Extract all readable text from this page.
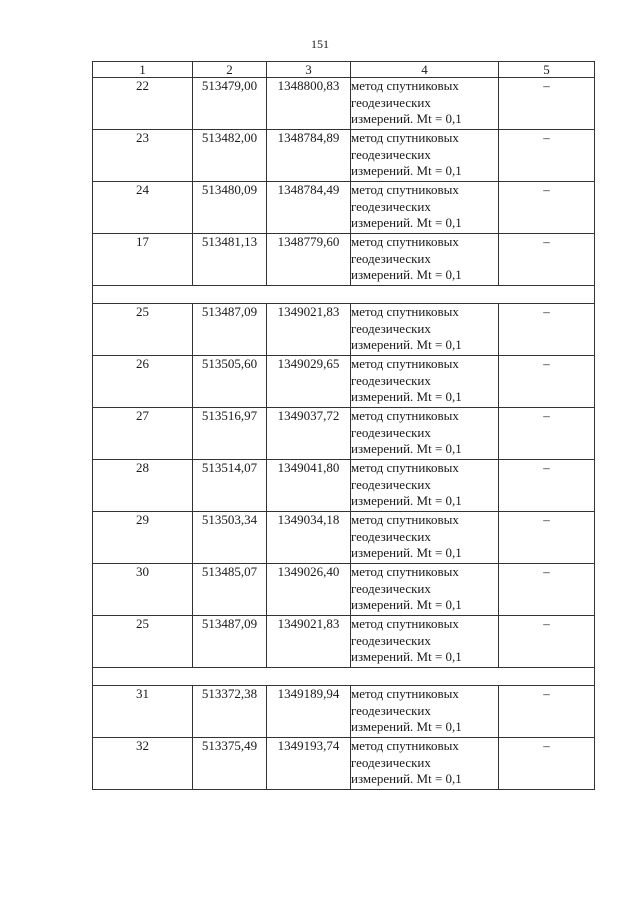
151
1	2	3	4	5
22	513479,00	1348800,83	метод спутниковых
геодезических
измерений. Mt = 0,1	–
23	513482,00	1348784,89	метод спутниковых
геодезических
измерений. Mt = 0,1	–
24	513480,09	1348784,49	метод спутниковых
геодезических
измерений. Mt = 0,1	–
17	513481,13	1348779,60	метод спутниковых
геодезических
измерений. Mt = 0,1	–

25	513487,09	1349021,83	метод спутниковых
геодезических
измерений. Mt = 0,1	–
26	513505,60	1349029,65	метод спутниковых
геодезических
измерений. Mt = 0,1	–
27	513516,97	1349037,72	метод спутниковых
геодезических
измерений. Mt = 0,1	–
28	513514,07	1349041,80	метод спутниковых
геодезических
измерений. Mt = 0,1	–
29	513503,34	1349034,18	метод спутниковых
геодезических
измерений. Mt = 0,1	–
30	513485,07	1349026,40	метод спутниковых
геодезических
измерений. Mt = 0,1	–
25	513487,09	1349021,83	метод спутниковых
геодезических
измерений. Mt = 0,1	–

31	513372,38	1349189,94	метод спутниковых
геодезических
измерений. Mt = 0,1	–
32	513375,49	1349193,74	метод спутниковых
геодезических
измерений. Mt = 0,1	–
